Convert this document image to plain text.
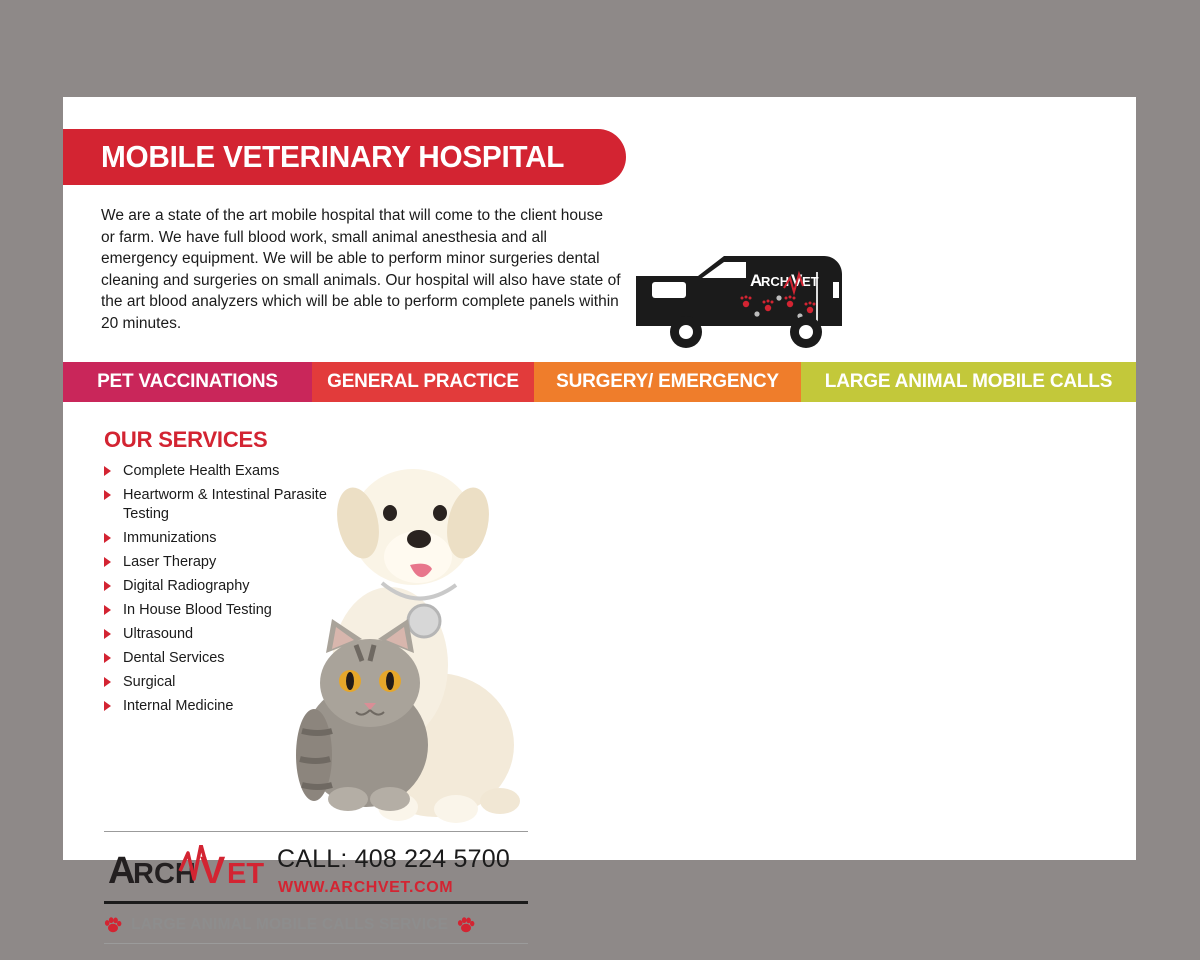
MOBILE VETERINARY HOSPITAL
We are a state of the art mobile hospital that will come to the client house or farm. We have full blood work, small animal anesthesia and all emergency equipment. We will be able to perform minor surgeries dental cleaning and surgeries on small animals. Our hospital will also have state of the art blood analyzers which will be able to perform complete panels within 20 minutes.
A
RCH V ET
PET VACCINATIONS	GENERAL PRACTICE	SURGERY/ EMERGENCY	LARGE ANIMAL MOBILE CALLS
OUR SERVICES
Complete Health Exams
Heartworm & Intestinal Parasite Testing
Immunizations
Laser Therapy
Digital Radiography
In House Blood Testing
Ultrasound
Dental Services
Surgical
Internal Medicine
A
RCH V ET CALL: 408 224 5700
WWW.ARCHVET.COM
LARGE ANIMAL MOBILE CALLS SERVICE
